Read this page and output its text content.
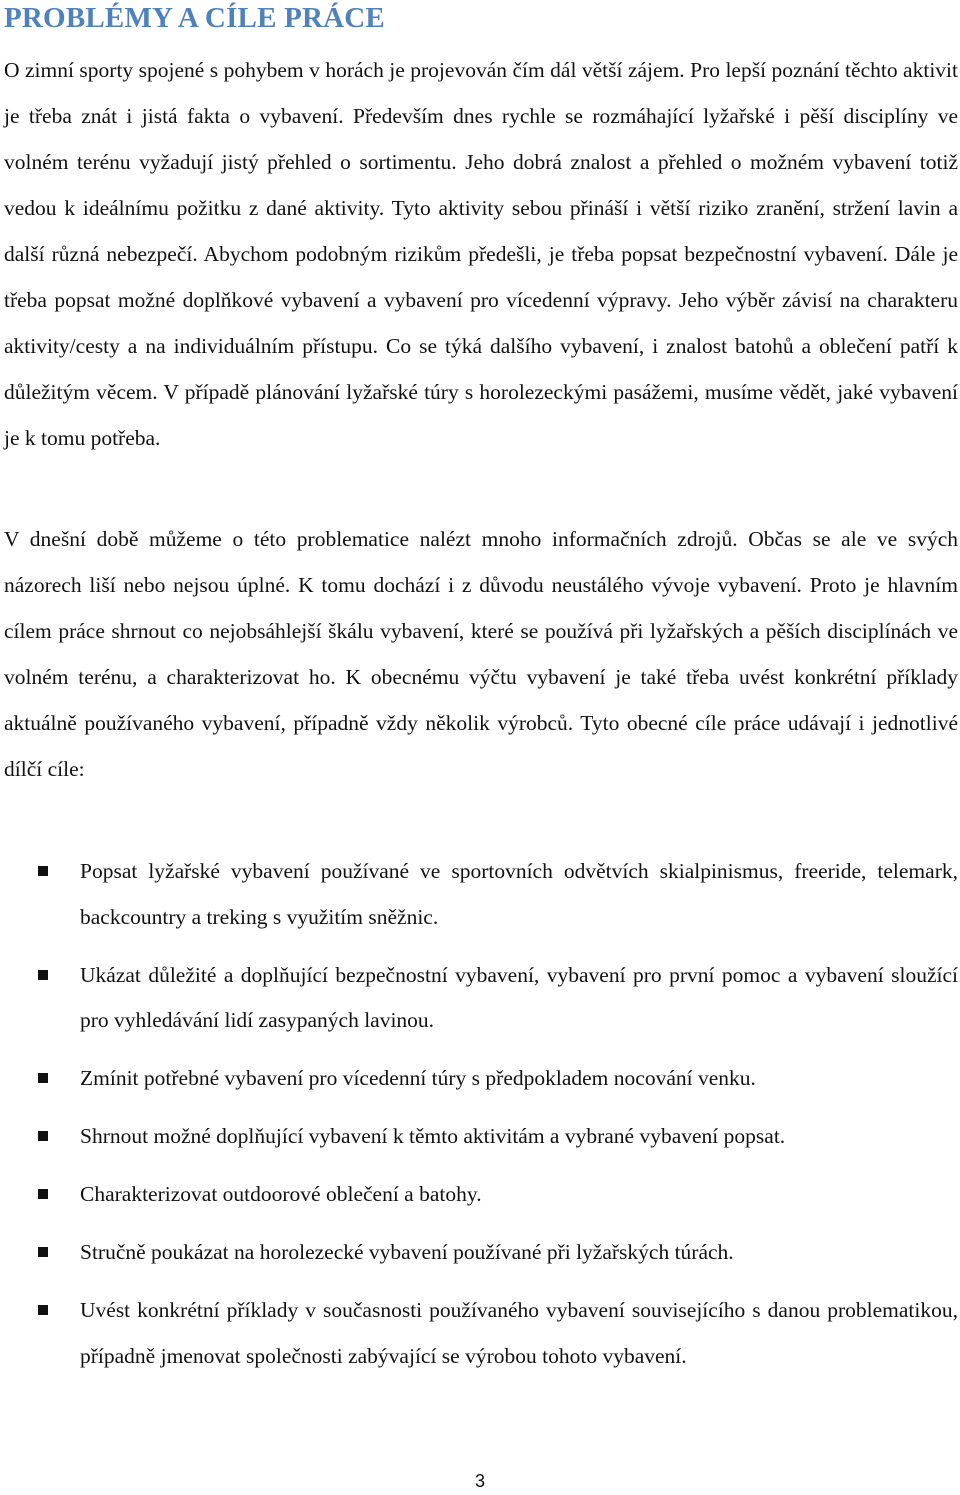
PROBLÉMY A CÍLE PRÁCE

O zimní sporty spojené s pohybem v horách je projevován čím dál větší zájem. Pro lepší poznání těchto aktivit je třeba znát i jistá fakta o vybavení. Především dnes rychle se rozmáhající lyžařské i pěší disciplíny ve volném terénu vyžadují jistý přehled o sortimentu. Jeho dobrá znalost a přehled o možném vybavení totiž vedou k ideálnímu požitku z dané aktivity. Tyto aktivity sebou přináší i větší riziko zranění, stržení lavin a další různá nebezpečí. Abychom podobným rizikům předešli, je třeba popsat bezpečnostní vybavení. Dále je třeba popsat možné doplňkové vybavení a vybavení pro vícedenní výpravy. Jeho výběr závisí na charakteru aktivity/cesty a na individuálním přístupu. Co se týká dalšího vybavení, i znalost batohů a oblečení patří k důležitým věcem. V případě plánování lyžařské túry s horolezeckými pasážemi, musíme vědět, jaké vybavení je k tomu potřeba.

V dnešní době můžeme o této problematice nalézt mnoho informačních zdrojů. Občas se ale ve svých názorech liší nebo nejsou úplné. K tomu dochází i z důvodu neustálého vývoje vybavení. Proto je hlavním cílem práce shrnout co nejobsáhlejší škálu vybavení, které se používá při lyžařských a pěších disciplínách ve volném terénu, a charakterizovat ho. K obecnému výčtu vybavení je také třeba uvést konkrétní příklady aktuálně používaného vybavení, případně vždy několik výrobců. Tyto obecné cíle práce udávají i jednotlivé dílčí cíle:

Popsat lyžařské vybavení používané ve sportovních odvětvích skialpinismus, freeride, telemark, backcountry a treking s využitím sněžnic.
Ukázat důležité a doplňující bezpečnostní vybavení, vybavení pro první pomoc a vybavení sloužící pro vyhledávání lidí zasypaných lavinou.
Zmínit potřebné vybavení pro vícedenní túry s předpokladem nocování venku.
Shrnout možné doplňující vybavení k těmto aktivitám a vybrané vybavení popsat.
Charakterizovat outdoorové oblečení a batohy.
Stručně poukázat na horolezecké vybavení používané při lyžařských túrách.
Uvést konkrétní příklady v současnosti používaného vybavení souvisejícího s danou problematikou, případně jmenovat společnosti zabývající se výrobou tohoto vybavení.
3
